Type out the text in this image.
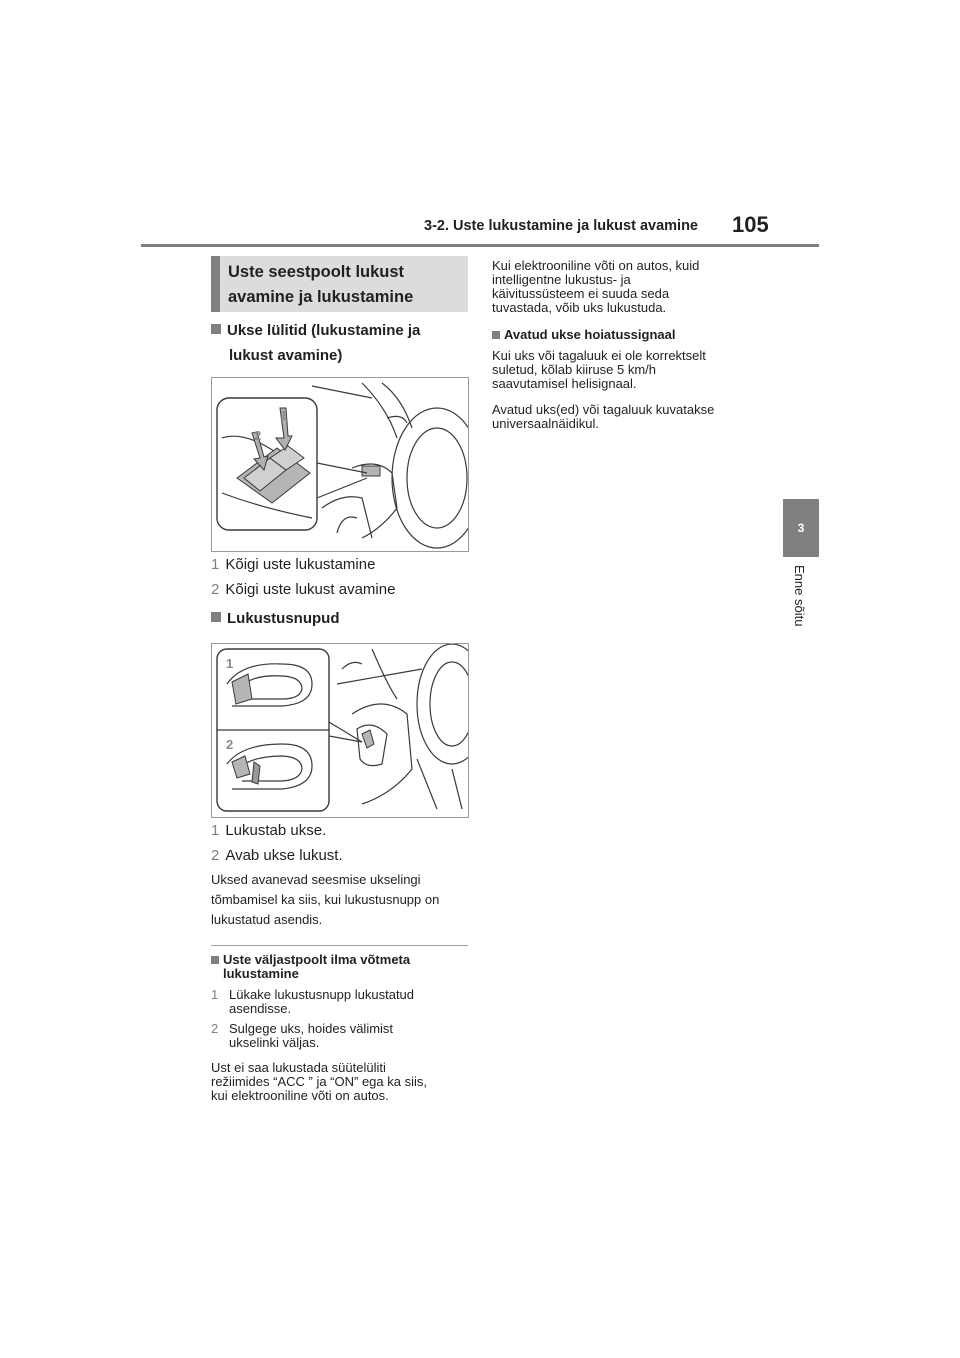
3-2. Uste lukustamine ja lukust avamine 105
3
Enne sõitu
Uste seestpoolt lukust
avamine ja lukustamine
Ukse lülitid (lukustamine ja
lukust avamine)
1
2
1 Kõigi uste lukustamine
2 Kõigi uste lukust avamine
Lukustusnupud
1
2
1 Lukustab ukse.
2 Avab ukse lukust.
Uksed avanevad seesmise ukselingi
tõmbamisel ka siis, kui lukustusnupp on
lukustatud asendis.
Uste väljastpoolt ilma võtmeta
lukustamine
1 Lükake lukustusnupp lukustatud
asendisse.
2 Sulgege uks, hoides välimist
ukselinki väljas.
Ust ei saa lukustada süütelüliti
režiimides “ACC ” ja “ON” ega ka siis,
kui elektrooniline võti on autos.
Kui elektrooniline võti on autos, kuid
intelligentne lukustus- ja
käivitussüsteem ei suuda seda
tuvastada, võib uks lukustuda.
Avatud ukse hoiatussignaal
Kui uks või tagaluuk ei ole korrektselt
suletud, kõlab kiiruse 5 km/h
saavutamisel helisignaal.
Avatud uks(ed) või tagaluuk kuvatakse
universaalnäidikul.
